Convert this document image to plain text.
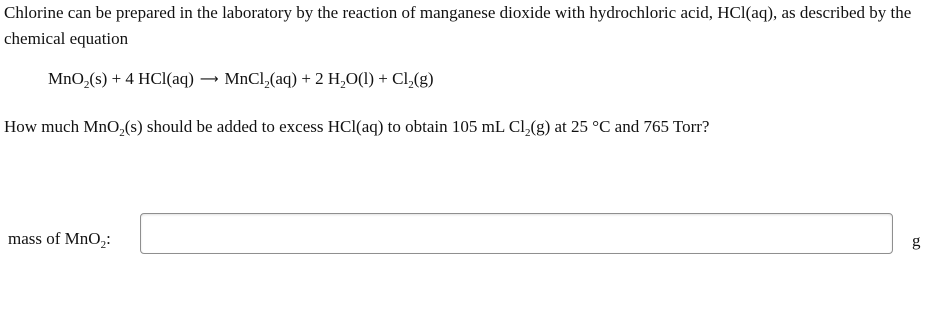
Chlorine can be prepared in the laboratory by the reaction of manganese dioxide with hydrochloric acid, HCl(aq), as described by the chemical equation
MnO$_2$(s) + 4 HCl(aq) ⟶ MnCl$_2$(aq) + 2 $H_2O(l) + Cl_2(g)$
How much MnO$_2$(s) should be added to excess HCl(aq) to obtain 105 mL $Cl_2(g)$ at 25 °C and 765 Torr?
mass of MnO$_2$:	g
